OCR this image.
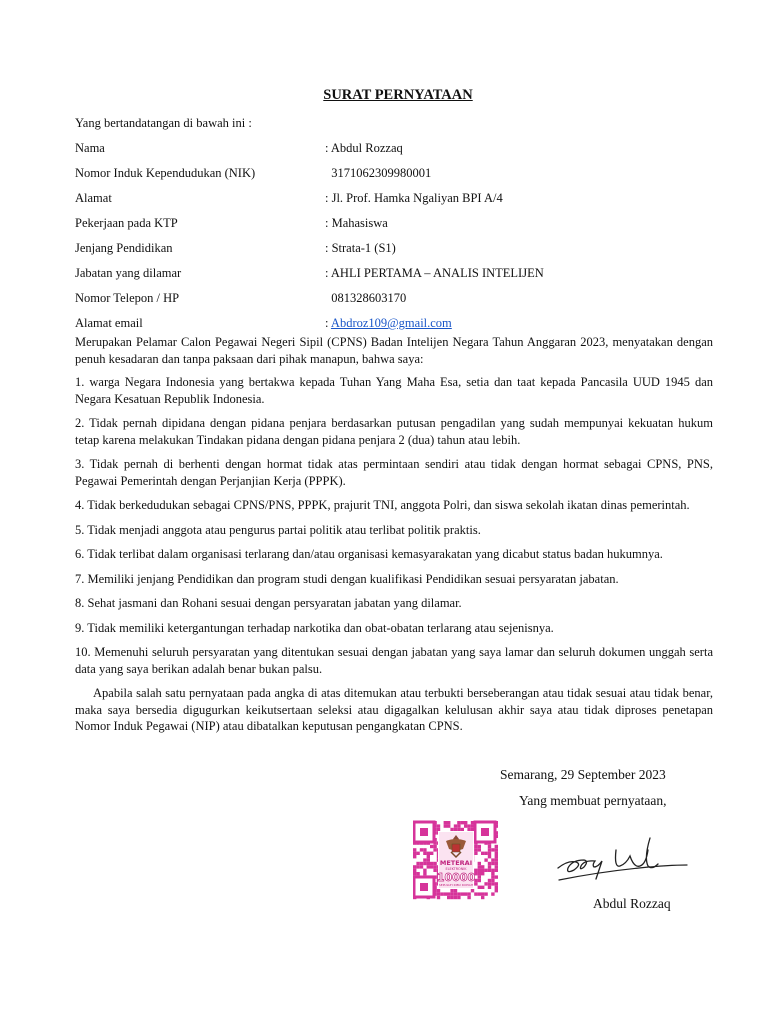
SURAT PERNYATAAN
Yang bertandatangan di bawah ini :
Nama	: Abdul Rozzaq
Nomor Induk Kependudukan (NIK)	3171062309980001
Alamat	: Jl. Prof. Hamka Ngaliyan BPI A/4
Pekerjaan pada KTP	: Mahasiswa
Jenjang Pendidikan	: Strata-1 (S1)
Jabatan yang dilamar	: AHLI PERTAMA – ANALIS INTELIJEN
Nomor Telepon / HP	081328603170
Alamat email	: Abdroz109@gmail.com

Merupakan Pelamar Calon Pegawai Negeri Sipil (CPNS) Badan Intelijen Negara Tahun Anggaran 2023, menyatakan dengan penuh kesadaran dan tanpa paksaan dari pihak manapun, bahwa saya:

1. warga Negara Indonesia yang bertakwa kepada Tuhan Yang Maha Esa, setia dan taat kepada Pancasila UUD 1945 dan Negara Kesatuan Republik Indonesia.

2. Tidak pernah dipidana dengan pidana penjara berdasarkan putusan pengadilan yang sudah mempunyai kekuatan hukum tetap karena melakukan Tindakan pidana dengan pidana penjara 2 (dua) tahun atau lebih.

3. Tidak pernah di berhenti dengan hormat tidak atas permintaan sendiri atau tidak dengan hormat sebagai CPNS, PNS, Pegawai Pemerintah dengan Perjanjian Kerja (PPPK).

4. Tidak berkedudukan sebagai CPNS/PNS, PPPK, prajurit TNI, anggota Polri, dan siswa sekolah ikatan dinas pemerintah.

5. Tidak menjadi anggota atau pengurus partai politik atau terlibat politik praktis.

6. Tidak terlibat dalam organisasi terlarang dan/atau organisasi kemasyarakatan yang dicabut status badan hukumnya.

7. Memiliki jenjang Pendidikan dan program studi dengan kualifikasi Pendidikan sesuai persyaratan jabatan.

8. Sehat jasmani dan Rohani sesuai dengan persyaratan jabatan yang dilamar.

9. Tidak memiliki ketergantungan terhadap narkotika dan obat-obatan terlarang atau sejenisnya.

10. Memenuhi seluruh persyaratan yang ditentukan sesuai dengan jabatan yang saya lamar dan seluruh dokumen unggah serta data yang saya berikan adalah benar bukan palsu.

Apabila salah satu pernyataan pada angka di atas ditemukan atau terbukti berseberangan atau tidak sesuai atau tidak benar, maka saya bersedia digugurkan keikutsertaan seleksi atau digagalkan kelulusan akhir saya atau tidak diproses penetapan Nomor Induk Pegawai (NIP) atau dibatalkan keputusan pengangkatan CPNS.

Semarang, 29 September 2023
Yang membuat pernyataan,
METERAI
ELEKTRONIK
10000
SEPULUH RIBU RUPIAH
Abdul Rozzaq
